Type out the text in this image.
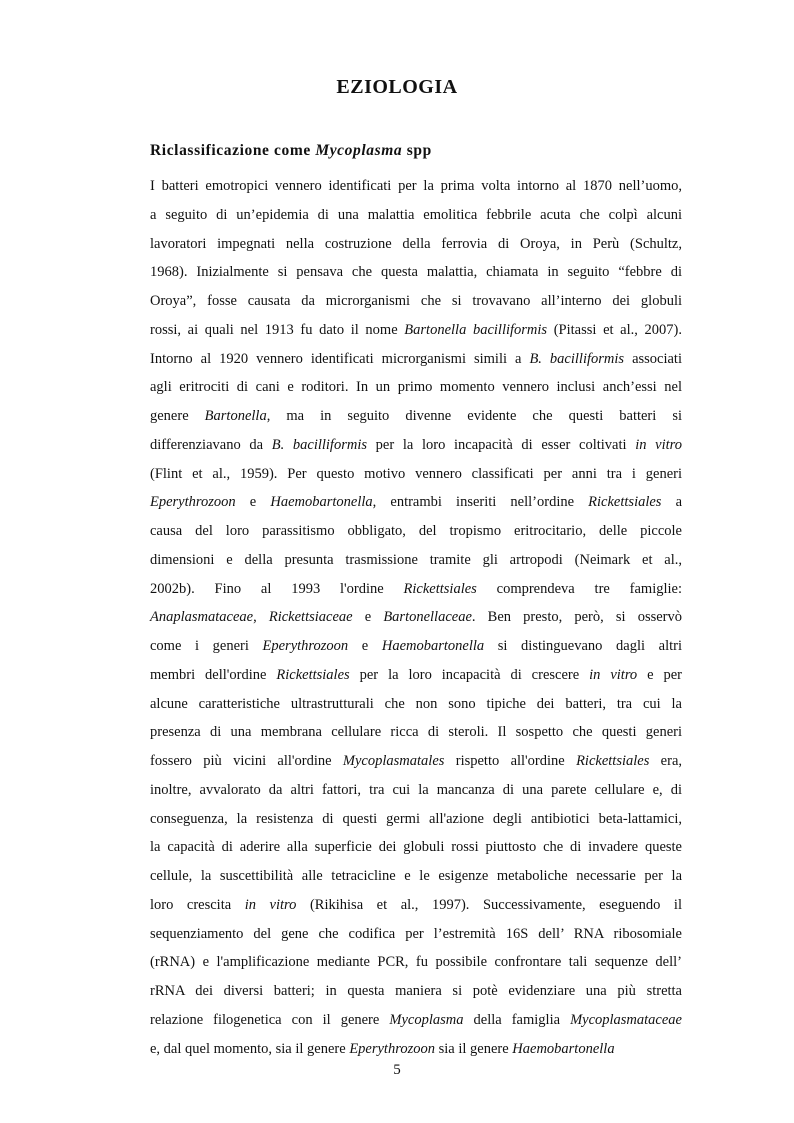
EZIOLOGIA
Riclassificazione come Mycoplasma spp
I batteri emotropici vennero identificati per la prima volta intorno al 1870 nell’uomo,
a seguito di un’epidemia di una malattia emolitica febbrile acuta che colpì alcuni
lavoratori impegnati nella costruzione della ferrovia di Oroya, in Perù (Schultz,
1968). Inizialmente si pensava che questa malattia, chiamata in seguito “febbre di
Oroya”, fosse causata da microrganismi che si trovavano all’interno dei globuli
rossi, ai quali nel 1913 fu dato il nome Bartonella bacilliformis (Pitassi et al., 2007).
Intorno al 1920 vennero identificati microrganismi simili a B. bacilliformis associati
agli eritrociti di cani e roditori. In un primo momento vennero inclusi anch’essi nel
genere Bartonella, ma in seguito divenne evidente che questi batteri si
differenziavano da B. bacilliformis per la loro incapacità di esser coltivati in vitro
(Flint et al., 1959). Per questo motivo vennero classificati per anni tra i generi
Eperythrozoon e Haemobartonella, entrambi inseriti nell’ordine Rickettsiales a
causa del loro parassitismo obbligato, del tropismo eritrocitario, delle piccole
dimensioni e della presunta trasmissione tramite gli artropodi (Neimark et al.,
2002b). Fino al 1993 l'ordine Rickettsiales comprendeva tre famiglie:
Anaplasmataceae, Rickettsiaceae e Bartonellaceae. Ben presto, però, si osservò
come i generi Eperythrozoon e Haemobartonella si distinguevano dagli altri
membri dell'ordine Rickettsiales per la loro incapacità di crescere in vitro e per
alcune caratteristiche ultrastrutturali che non sono tipiche dei batteri, tra cui la
presenza di una membrana cellulare ricca di steroli. Il sospetto che questi generi
fossero più vicini all'ordine Mycoplasmatales rispetto all'ordine Rickettsiales era,
inoltre, avvalorato da altri fattori, tra cui la mancanza di una parete cellulare e, di
conseguenza, la resistenza di questi germi all'azione degli antibiotici beta-lattamici,
la capacità di aderire alla superficie dei globuli rossi piuttosto che di invadere queste
cellule, la suscettibilità alle tetracicline e le esigenze metaboliche necessarie per la
loro crescita in vitro (Rikihisa et al., 1997). Successivamente, eseguendo il
sequenziamento del gene che codifica per l’estremità 16S dell’ RNA ribosomiale
(rRNA) e l'amplificazione mediante PCR, fu possibile confrontare tali sequenze dell’
rRNA dei diversi batteri; in questa maniera si potè evidenziare una più stretta
relazione filogenetica con il genere Mycoplasma della famiglia Mycoplasmataceae
e, dal quel momento, sia il genere Eperythrozoon sia il genere Haemobartonella
5
